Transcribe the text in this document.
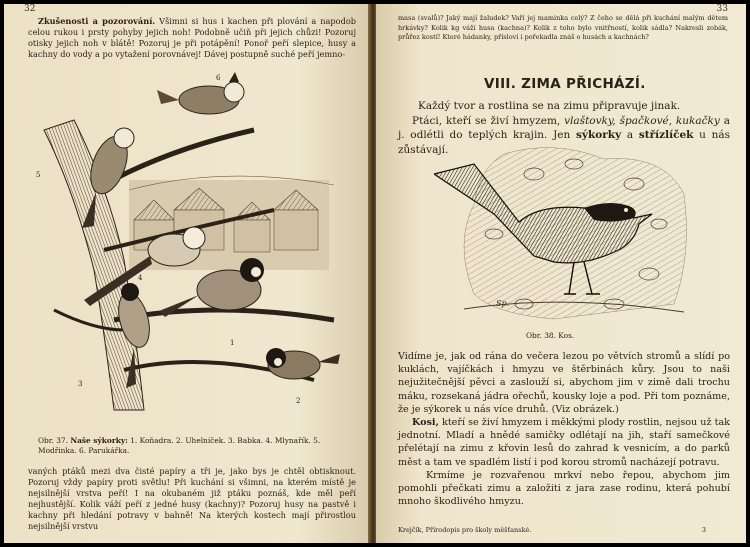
32

Zkušenosti a pozorování. Všimni si hus i kachen při plování a napodob celou rukou i prsty pohyby jejich noh! Podobně učiň při jejich chůzi! Pozoruj otisky jejich noh v blátě! Pozoruj je při potápění! Ponoř peří slepice, husy a kachny do vody a po vytažení porovnávej! Dávej postupně suché peří jemno-

6
5
1
3
4
2
Obr. 37. Naše sýkorky: 1. Koňadra. 2. Uhelníček. 3. Babka. 4. Mlynařík. 5. Modřinka. 6. Parukářka.

vaných ptáků mezi dva čisté papíry a tři je, jako bys je chtěl obtisknout. Pozoruj vždy papíry proti světlu! Při kuchání si všimni, na kterém místě je nejsilnější vrstva peří! I na okubaném již ptáku poznáš, kde měl peří nejhustější. Kolik váží peří z jedné husy (kachny)? Pozoruj husy na pastvě i kachny při hledání potravy v bahně! Na kterých kostech mají přirostlou nejsilnější vrstvu

33

masa (svalů)? Jaký mají žaludek? Vaří jej maminka celý? Z čeho se dělá při kuchání malým dětem hrkávky? Kolik kg váží husa (kachna)? Kolik z toho bylo vnitřností, kolik sádla? Nakresli zobák, průřez kostí! Které hádanky, přísloví i pořekadla znáš o husách a kachnách?

VIII. ZIMA PŘICHÁZÍ.

Každý tvor a rostlina se na zimu připravuje jinak.

Ptáci, kteří se živí hmyzem, vlaštovky, špačkové, kukačky a j. odlétli do teplých krajin. Jen sýkorky a střízlíček u nás zůstávají.

Sp.
Obr. 38. Kos.

Vidíme je, jak od rána do večera lezou po větvích stromů a slídí po kuklách, vajíčkách i hmyzu ve štěrbinách kůry. Jsou to naši nejužitečnější pěvci a zaslouží si, abychom jim v zimě dali trochu máku, rozsekaná jádra ořechů, kousky loje a pod. Při tom poznáme, že je sýkorek u nás více druhů. (Viz obrázek.)

Kosi, kteří se živí hmyzem i měkkými plody rostlin, nejsou už tak jednotní. Mladí a hnědé samičky odlétají na jih, staří samečkové přelétají na zimu z křovin lesů do zahrad k vesnicím, a do parků měst a tam ve spadlém listí i pod korou stromů nacházejí potravu.

Krmíme je rozvařenou mrkví nebo řepou, abychom jim pomohli přečkati zimu a založiti z jara zase rodinu, která pohubí mnoho škodlivého hmyzu.

Krejčík, Přírodopis pro školy měšťanské.	3
